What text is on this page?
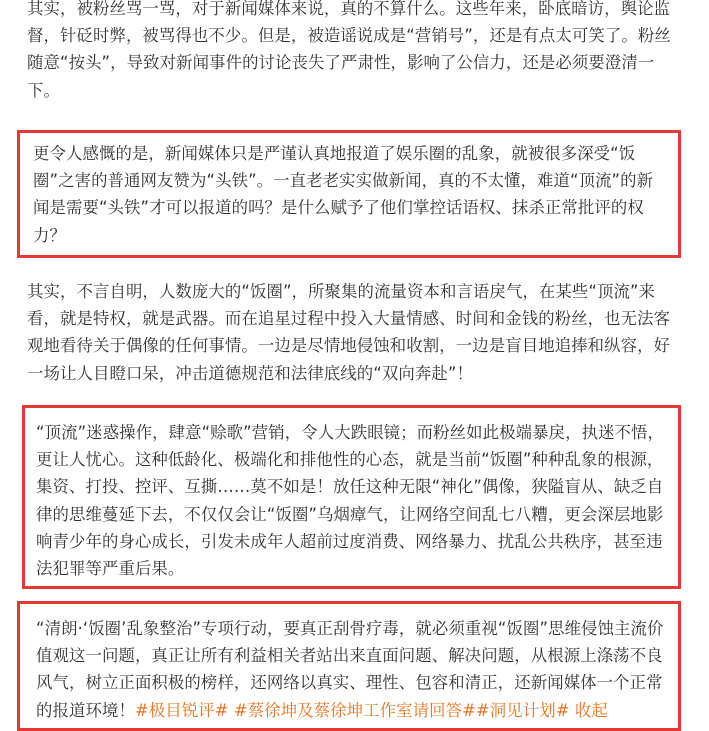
其实，被粉丝骂一骂，对于新闻媒体来说，真的不算什么。这些年来，卧底暗访，舆论监督，针砭时弊，被骂得也不少。但是，被造谣说成是“营销号”，还是有点太可笑了。粉丝随意“按头”，导致对新闻事件的讨论丧失了严肃性，影响了公信力，还是必须要澄清一下。

更令人感慨的是，新闻媒体只是严谨认真地报道了娱乐圈的乱象，就被很多深受“饭圈”之害的普通网友赞为“头铁”。一直老老实实做新闻，真的不太懂，难道“顶流”的新闻是需要“头铁”才可以报道的吗？是什么赋予了他们掌控话语权、抹杀正常批评的权力？

其实，不言自明，人数庞大的“饭圈”，所聚集的流量资本和言语戾气，在某些“顶流”来看，就是特权，就是武器。而在追星过程中投入大量情感、时间和金钱的粉丝，也无法客观地看待关于偶像的任何事情。一边是尽情地侵蚀和收割，一边是盲目地追捧和纵容，好一场让人目瞪口呆，冲击道德规范和法律底线的“双向奔赴”！

“顶流”迷惑操作，肆意“赊歌”营销，令人大跌眼镜；而粉丝如此极端暴戾，执迷不悟，更让人忧心。这种低龄化、极端化和排他性的心态，就是当前“饭圈”种种乱象的根源，集资、打投、控评、互撕……莫不如是！放任这种无限“神化”偶像，狭隘盲从、缺乏自律的思维蔓延下去，不仅仅会让“饭圈”乌烟瘴气，让网络空间乱七八糟，更会深层地影响青少年的身心成长，引发未成年人超前过度消费、网络暴力、扰乱公共秩序，甚至违法犯罪等严重后果。

“清朗·‘饭圈’乱象整治”专项行动，要真正刮骨疗毒，就必须重视“饭圈”思维侵蚀主流价值观这一问题，真正让所有利益相关者站出来直面问题、解决问题，从根源上涤荡不良风气，树立正面积极的榜样，还网络以真实、理性、包容和清正，还新闻媒体一个正常的报道环境！#极目锐评# #蔡徐坤及蔡徐坤工作室请回答##洞见计划# 收起
